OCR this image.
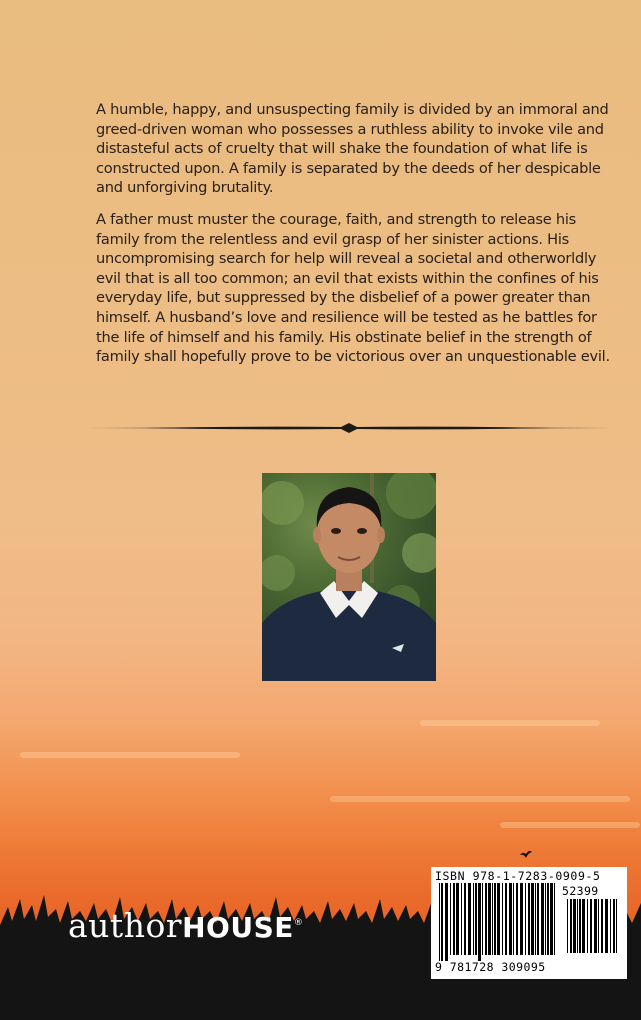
A humble, happy, and unsuspecting family is divided by an immoral and greed-driven woman who possesses a ruthless ability to invoke vile and distasteful acts of cruelty that will shake the foundation of what life is constructed upon. A family is separated by the deeds of her despicable and unforgiving brutality.

A father must muster the courage, faith, and strength to release his family from the relentless and evil grasp of her sinister actions. His uncompromising search for help will reveal a societal and otherworldly evil that is all too common; an evil that exists within the confines of his everyday life, but suppressed by the disbelief of a power greater than himself. A husband’s love and resilience will be tested as he battles for the life of himself and his family. His obstinate belief in the strength of family shall hopefully prove to be victorious over an unquestionable evil.

authorHOUSE®
ISBN 978-1-7283-0909-5
52399
9 781728 309095
